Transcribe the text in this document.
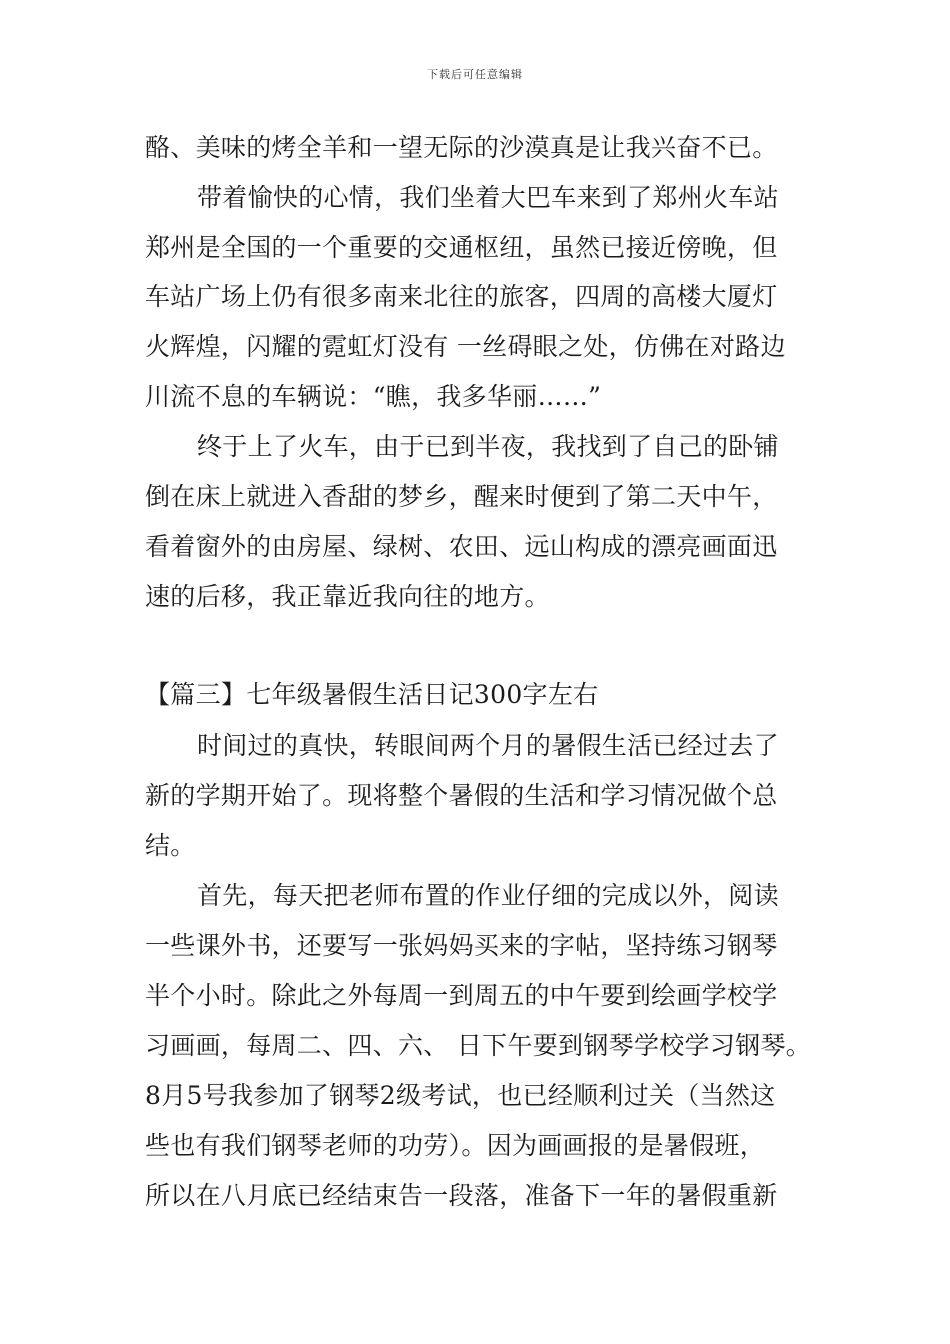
下载后可任意编辑
酪、美味的烤全羊和一望无际的沙漠真是让我兴奋不已。
带着愉快的心情，我们坐着大巴车来到了郑州火车站
郑州是全国的一个重要的交通枢纽，虽然已接近傍晚，但
车站广场上仍有很多南来北往的旅客，四周的高楼大厦灯
火辉煌，闪耀的霓虹灯没有 一丝碍眼之处，仿佛在对路边
川流不息的车辆说：“瞧，我多华丽……”
终于上了火车，由于已到半夜，我找到了自己的卧铺
倒在床上就进入香甜的梦乡，醒来时便到了第二天中午，
看着窗外的由房屋、绿树、农田、远山构成的漂亮画面迅
速的后移，我正靠近我向往的地方。
【篇三】七年级暑假生活日记300字左右
时间过的真快，转眼间两个月的暑假生活已经过去了
新的学期开始了。现将整个暑假的生活和学习情况做个总
结。
首先，每天把老师布置的作业仔细的完成以外，阅读
一些课外书，还要写一张妈妈买来的字帖，坚持练习钢琴
半个小时。除此之外每周一到周五的中午要到绘画学校学
习画画，每周二、四、六、 日下午要到钢琴学校学习钢琴。
8月5号我参加了钢琴2级考试，也已经顺利过关（当然这
些也有我们钢琴老师的功劳）。因为画画报的是暑假班，
所以在八月底已经结束告一段落，准备下一年的暑假重新
